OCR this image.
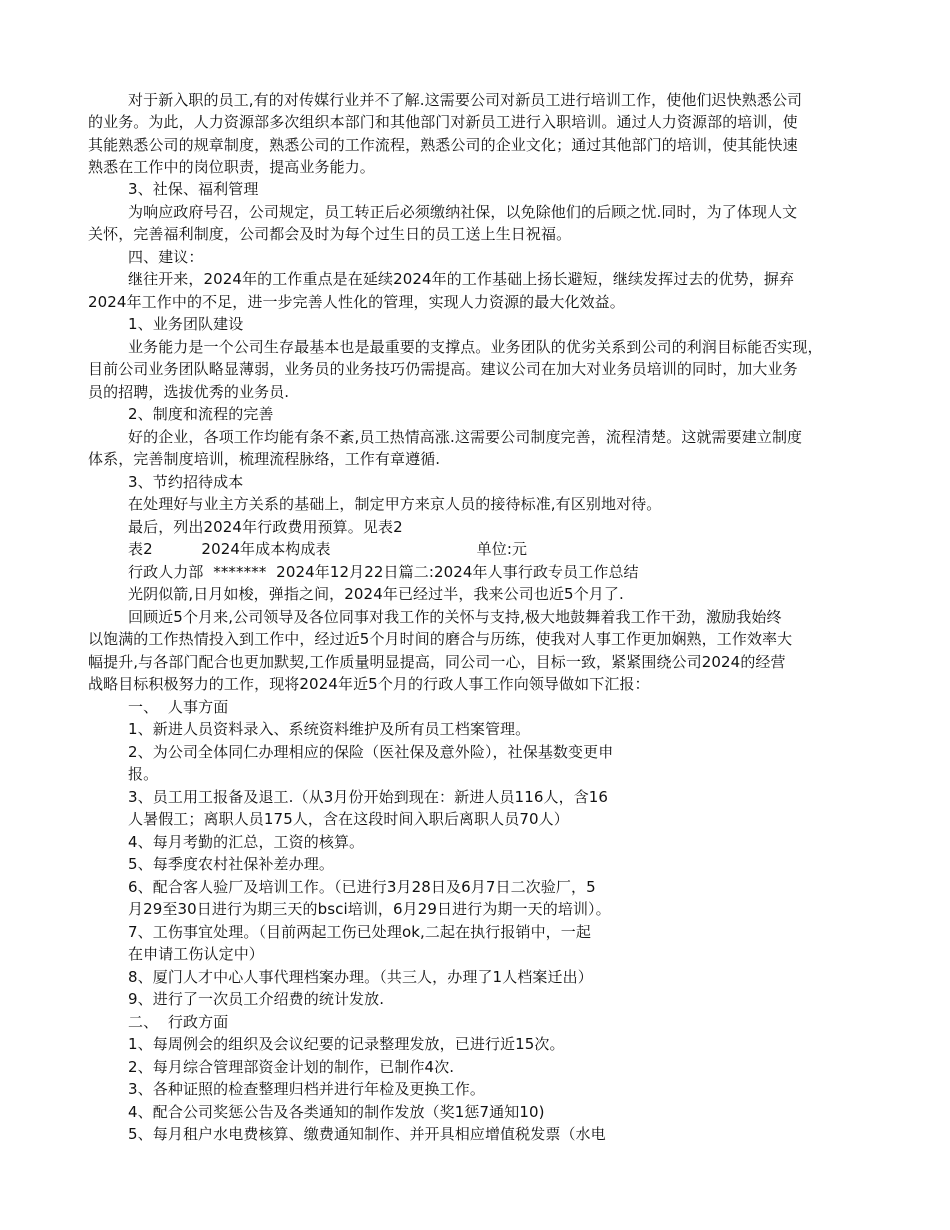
对于新入职的员工,有的对传媒行业并不了解.这需要公司对新员工进行培训工作，使他们迟快熟悉公司
的业务。为此，人力资源部多次组织本部门和其他部门对新员工进行入职培训。通过人力资源部的培训，使
其能熟悉公司的规章制度，熟悉公司的工作流程，熟悉公司的企业文化；通过其他部门的培训，使其能快速
熟悉在工作中的岗位职责，提高业务能力。
3、社保、福利管理
为响应政府号召，公司规定，员工转正后必须缴纳社保，以免除他们的后顾之忧.同时，为了体现人文
关怀，完善福利制度，公司都会及时为每个过生日的员工送上生日祝福。
四、建议：
继往开来，2024年的工作重点是在延续2024年的工作基础上扬长避短，继续发挥过去的优势，摒弃
2024年工作中的不足，进一步完善人性化的管理，实现人力资源的最大化效益。
1、业务团队建设
业务能力是一个公司生存最基本也是最重要的支撑点。业务团队的优劣关系到公司的利润目标能否实现，
目前公司业务团队略显薄弱，业务员的业务技巧仍需提高。建议公司在加大对业务员培训的同时，加大业务
员的招聘，选拔优秀的业务员.
2、制度和流程的完善
好的企业，各项工作均能有条不紊,员工热情高涨.这需要公司制度完善，流程清楚。这就需要建立制度
体系，完善制度培训，梳理流程脉络，工作有章遵循.
3、节约招待成本
在处理好与业主方关系的基础上，制定甲方来京人员的接待标准,有区别地对待。
最后，列出2024年行政费用预算。见表2
表2          2024年成本构成表                              单位:元
行政人力部  *******  2024年12月22日篇二:2024年人事行政专员工作总结
光阴似箭,日月如梭，弹指之间，2024年已经过半，我来公司也近5个月了.
回顾近5个月来,公司领导及各位同事对我工作的关怀与支持,极大地鼓舞着我工作干劲，激励我始终
以饱满的工作热情投入到工作中，经过近5个月时间的磨合与历练，使我对人事工作更加娴熟，工作效率大
幅提升,与各部门配合也更加默契,工作质量明显提高，同公司一心，目标一致，紧紧围绕公司2024的经营
战略目标积极努力的工作，现将2024年近5个月的行政人事工作向领导做如下汇报：
一、  人事方面
1、新进人员资料录入、系统资料维护及所有员工档案管理。
2、为公司全体同仁办理相应的保险（医社保及意外险），社保基数变更申
报。
3、员工用工报备及退工.（从3月份开始到现在：新进人员116人，含16
人暑假工；离职人员175人，含在这段时间入职后离职人员70人）
4、每月考勤的汇总，工资的核算。
5、每季度农村社保补差办理。
6、配合客人验厂及培训工作。（已进行3月28日及6月7日二次验厂，5
月29至30日进行为期三天的bsci培训，6月29日进行为期一天的培训）。
7、工伤事宜处理。（目前两起工伤已处理ok,二起在执行报销中，一起
在申请工伤认定中）
8、厦门人才中心人事代理档案办理。（共三人，办理了1人档案迁出）
9、进行了一次员工介绍费的统计发放.
二、  行政方面
1、每周例会的组织及会议纪要的记录整理发放，已进行近15次。
2、每月综合管理部资金计划的制作，已制作4次.
3、各种证照的检查整理归档并进行年检及更换工作。
4、配合公司奖惩公告及各类通知的制作发放（奖1惩7通知10)
5、每月租户水电费核算、缴费通知制作、并开具相应增值税发票（水电
